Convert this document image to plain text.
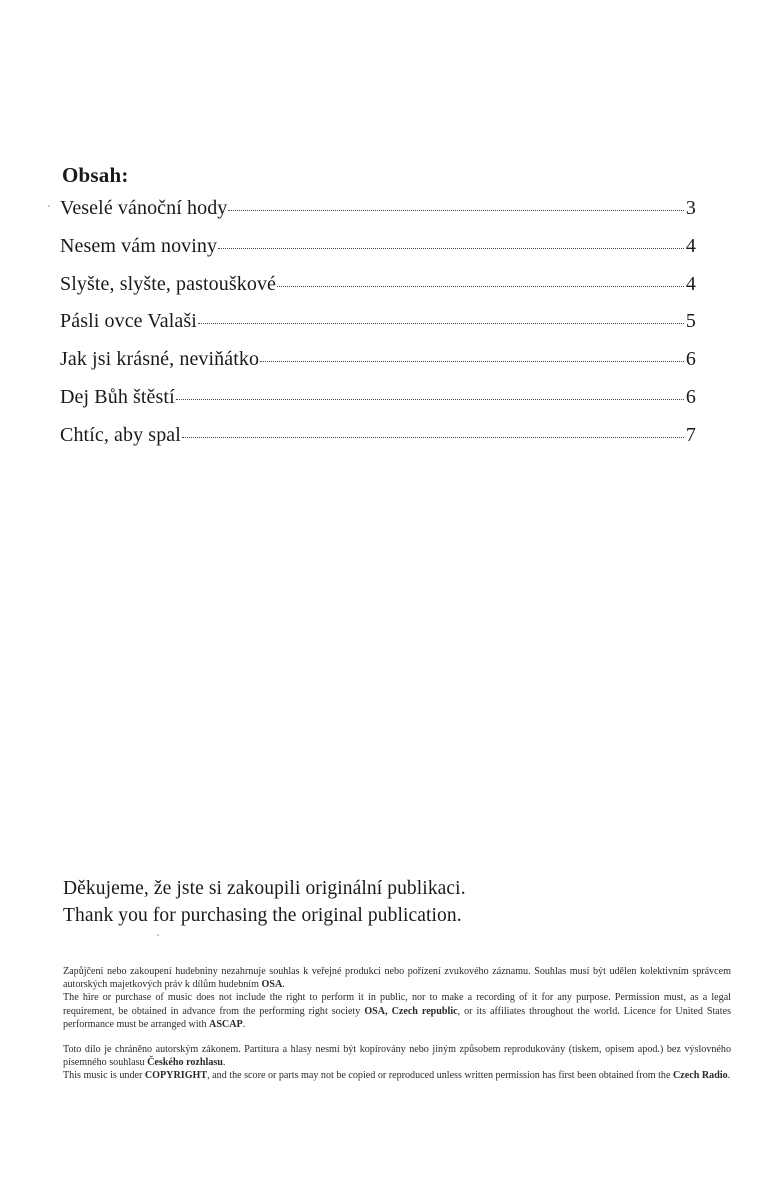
Obsah:
Veselé vánoční hody	3
Nesem vám noviny	4
Slyšte, slyšte, pastouškové	4
Pásli ovce Valaši	5
Jak jsi krásné, neviňátko	6
Dej Bůh štěstí	6
Chtíc, aby spal	7
Děkujeme, že jste si zakoupili originální publikaci.
Thank you for purchasing the original publication.

Zapůjčení nebo zakoupení hudebniny nezahrnuje souhlas k veřejné produkci nebo pořízení zvukového záznamu. Souhlas musí být udělen kolektivním správcem autorských majetkových práv k dílům hudebním OSA.
The hire or purchase of music does not include the right to perform it in public, nor to make a recording of it for any purpose. Permission must, as a legal requirement, be obtained in advance from the performing right society OSA, Czech republic, or its affiliates throughout the world. Licence for United States performance must be arranged with ASCAP.

Toto dílo je chráněno autorským zákonem. Partitura a hlasy nesmí být kopírovány nebo jiným způsobem reprodukovány (tiskem, opisem apod.) bez výslovného písemného souhlasu Českého rozhlasu.
This music is under COPYRIGHT, and the score or parts may not be copied or reproduced unless written permission has first been obtained from the Czech Radio.
